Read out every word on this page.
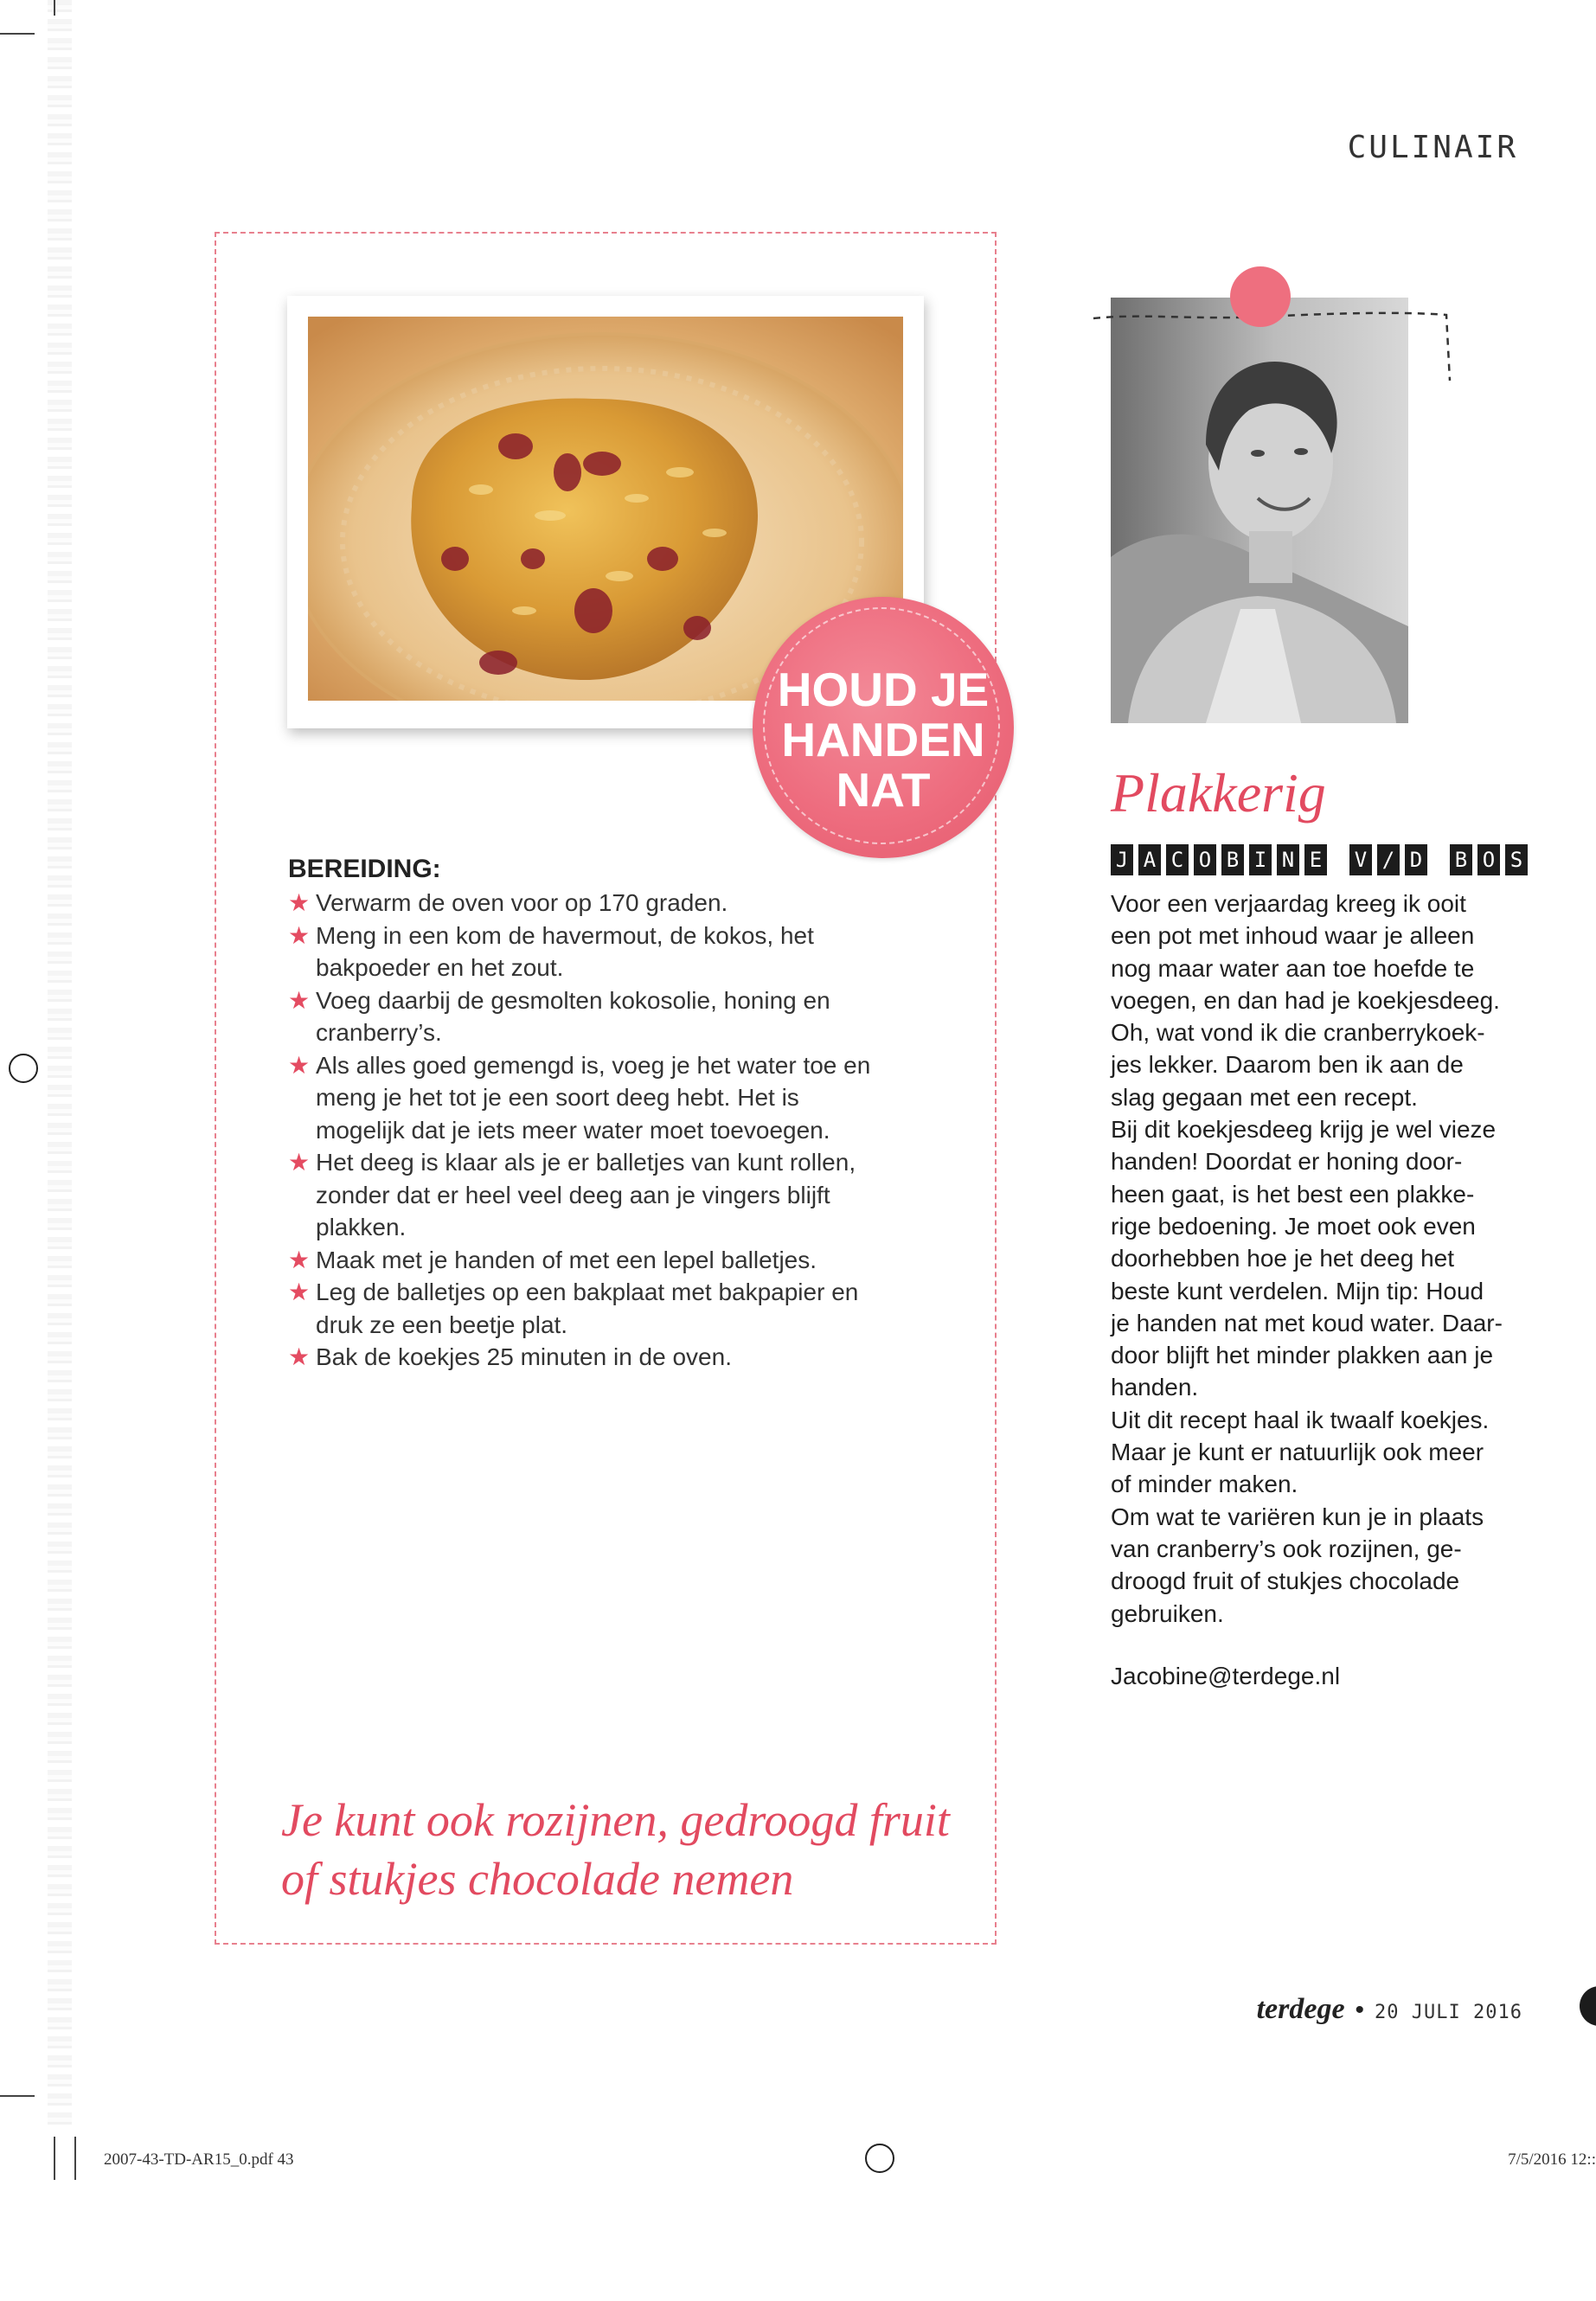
CULINAIR
HOUD JE
HANDEN
NAT
BEREIDING:
★ Verwarm de oven voor op 170 graden.
★ Meng in een kom de havermout, de kokos, het bakpoeder en het zout.
★ Voeg daarbij de gesmolten kokosolie, honing en cranberry’s.
★ Als alles goed gemengd is, voeg je het water toe en meng je het tot je een soort deeg hebt. Het is mogelijk dat je iets meer water moet toevoegen.
★ Het deeg is klaar als je er balletjes van kunt rollen, zonder dat er heel veel deeg aan je vingers blijft plakken.
★ Maak met je handen of met een lepel balletjes.
★ Leg de balletjes op een bakplaat met bakpapier en druk ze een beetje plat.
★ Bak de koekjes 25 minuten in de oven.
Je kunt ook rozijnen, gedroogd fruit of stukjes chocolade nemen
Plakkerig
J A C O B I N E V / D B O S
Voor een verjaardag kreeg ik ooit
een pot met inhoud waar je alleen
nog maar water aan toe hoefde te
voegen, en dan had je koekjesdeeg.
Oh, wat vond ik die cranberrykoek-
jes lekker. Daarom ben ik aan de
slag gegaan met een recept.
Bij dit koekjesdeeg krijg je wel vieze
handen! Doordat er honing door-
heen gaat, is het best een plakke-
rige bedoening. Je moet ook even
doorhebben hoe je het deeg het
beste kunt verdelen. Mijn tip: Houd
je handen nat met koud water. Daar-
door blijft het minder plakken aan je
handen.
Uit dit recept haal ik twaalf koekjes.
Maar je kunt er natuurlijk ook meer
of minder maken.
Om wat te variëren kun je in plaats
van cranberry’s ook rozijnen, ge-
droogd fruit of stukjes chocolade
gebruiken.
Jacobine@terdege.nl
terdege • 20 JULI 2016
2007-43-TD-AR15_0.pdf 43	7/5/2016 12::
